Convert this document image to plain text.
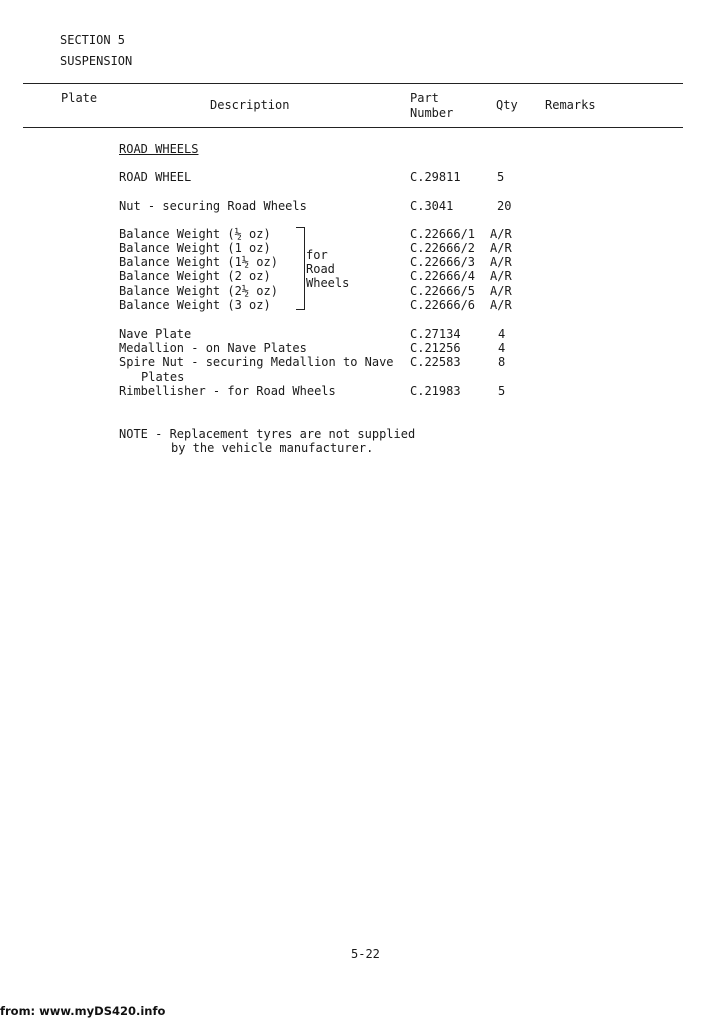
SECTION 5
SUSPENSION
Plate	Description	Part
Number
Qty Remarks
ROAD WHEELS
ROAD WHEEL	C.29811	5
Nut - securing Road Wheels	C.3041	20
Balance Weight (½ oz)	C.22666/1 A/R
Balance Weight (1 oz)	C.22666/2 A/R
Balance Weight (1½ oz)	C.22666/3 A/R
Balance Weight (2 oz)	C.22666/4 A/R
Balance Weight (2½ oz)	C.22666/5 A/R
Balance Weight (3 oz)	C.22666/6 A/R
Nave Plate	C.27134	4
Medallion - on Nave Plates	C.21256	4
Spire Nut - securing Medallion to Nave C.22583	8
Plates
Rimbellisher - for Road Wheels	C.21983	5
for
Road
Wheels
NOTE - Replacement tyres are not supplied
by the vehicle manufacturer.
5-22
from: www.myDS420.info
